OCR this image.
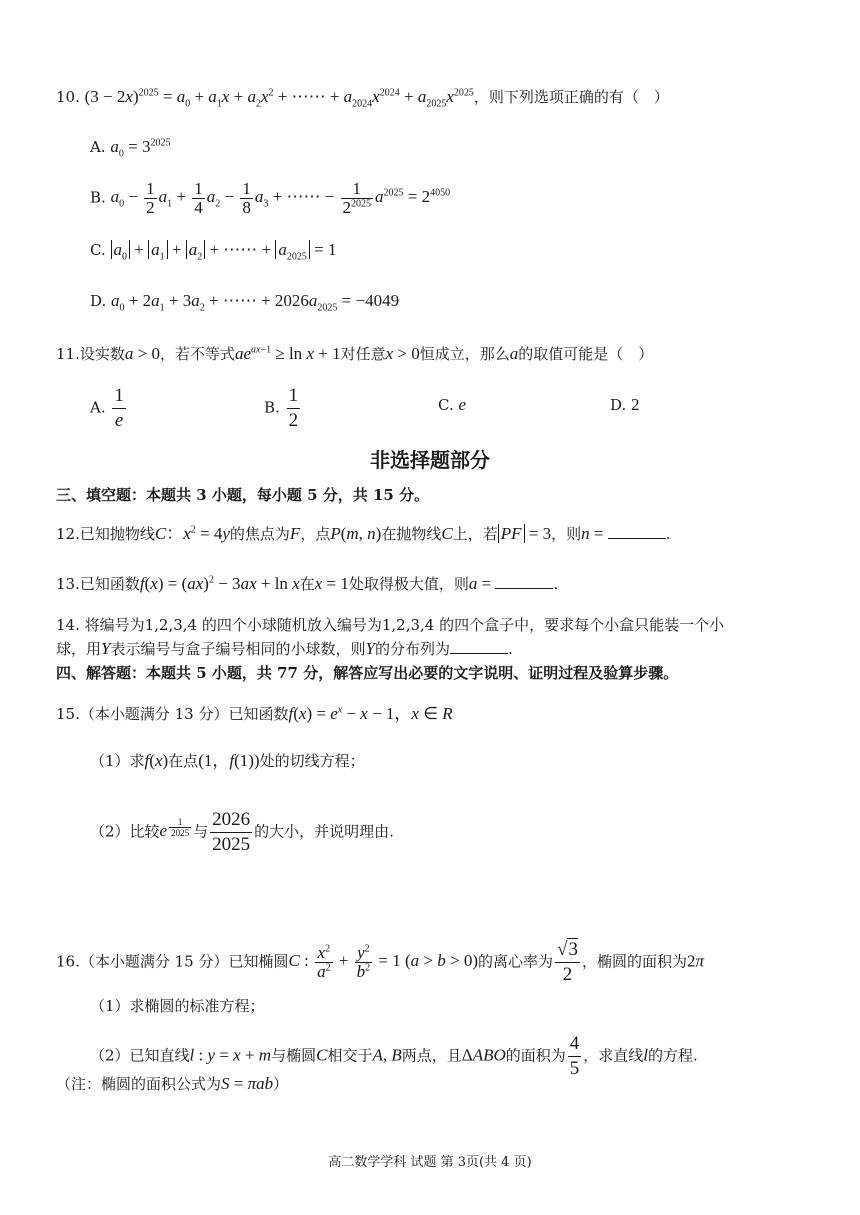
10. $(3 - 2x)^{2025} = a_0 + a_1x + a_2x^2$ + ⋯⋯ + $a_{2024}x^{2024} + a_{2025}x^{2025}$，则下列选项正确的有（　）
A. $a_0 = 3^{2025}$
B. $a_0 - \frac{1}{2} a_1 + \frac{1}{4} a_2 - \frac{1}{8} a_3$ + ⋯⋯ − $\frac{1}{2^{2025}} a^{2025} = 2^{4050}$
C. $a_0 + a_1 + a_2$ + ⋯⋯ + $a_{2025} = 1$
D. $a_0 + 2a_1 + 3a_2$ + ⋯⋯ + $2026a_{2025} = -4049$
11.设实数a > 0，若不等式$ae^{ax-1} \ge \ln x + 1$对任意x > 0恒成立，那么a的取值可能是（　）
A. $\frac{1}{e}$	B. $\frac{1}{2}$	C. e	D. 2
非选择题部分
三、填空题：本题共 3 小题，每小题 5 分，共 15 分。
12.已知抛物线C：$x^2 = 4y$的焦点为F，点P(m, n)在抛物线C上，若 PF = 3，则n =	.
13.已知函数f(x) = (ax)$^2$ − 3ax + ln x在x = 1处取得极大值，则a =	.
14. 将编号为1,2,3,4 的四个小球随机放入编号为1,2,3,4 的四个盒子中，要求每个小盒只能装一个小
球，用Y表示编号与盒子编号相同的小球数，则Y的分布列为	.
四、解答题：本题共 5 小题，共 77 分，解答应写出必要的文字说明、证明过程及验算步骤。
15.（本小题满分 13 分）已知函数$f(x) = e^x - x - 1$，x ∈ R
（1）求f(x)在点(1，f(1))处的切线方程；
（2）比较e $^{\frac{1}{2025}}$ 与 $\frac{2026}{2025}$ 的大小，并说明理由.
16.（本小题满分 15 分）已知椭圆C : $\frac{x^2}{a^2} + \frac{y^2}{b^2} = 1$ (a > b > 0)的离心率为 $\frac{√3}{2}$ ，椭圆的面积为2π
（1）求椭圆的标准方程；
（2）已知直线l : y = x + m与椭圆C相交于A, B两点，且ΔABO的面积为 $\frac{4}{5}$ ，求直线l的方程.
（注：椭圆的面积公式为S = πab）
高二数学学科 试题 第 3页(共 4 页)
